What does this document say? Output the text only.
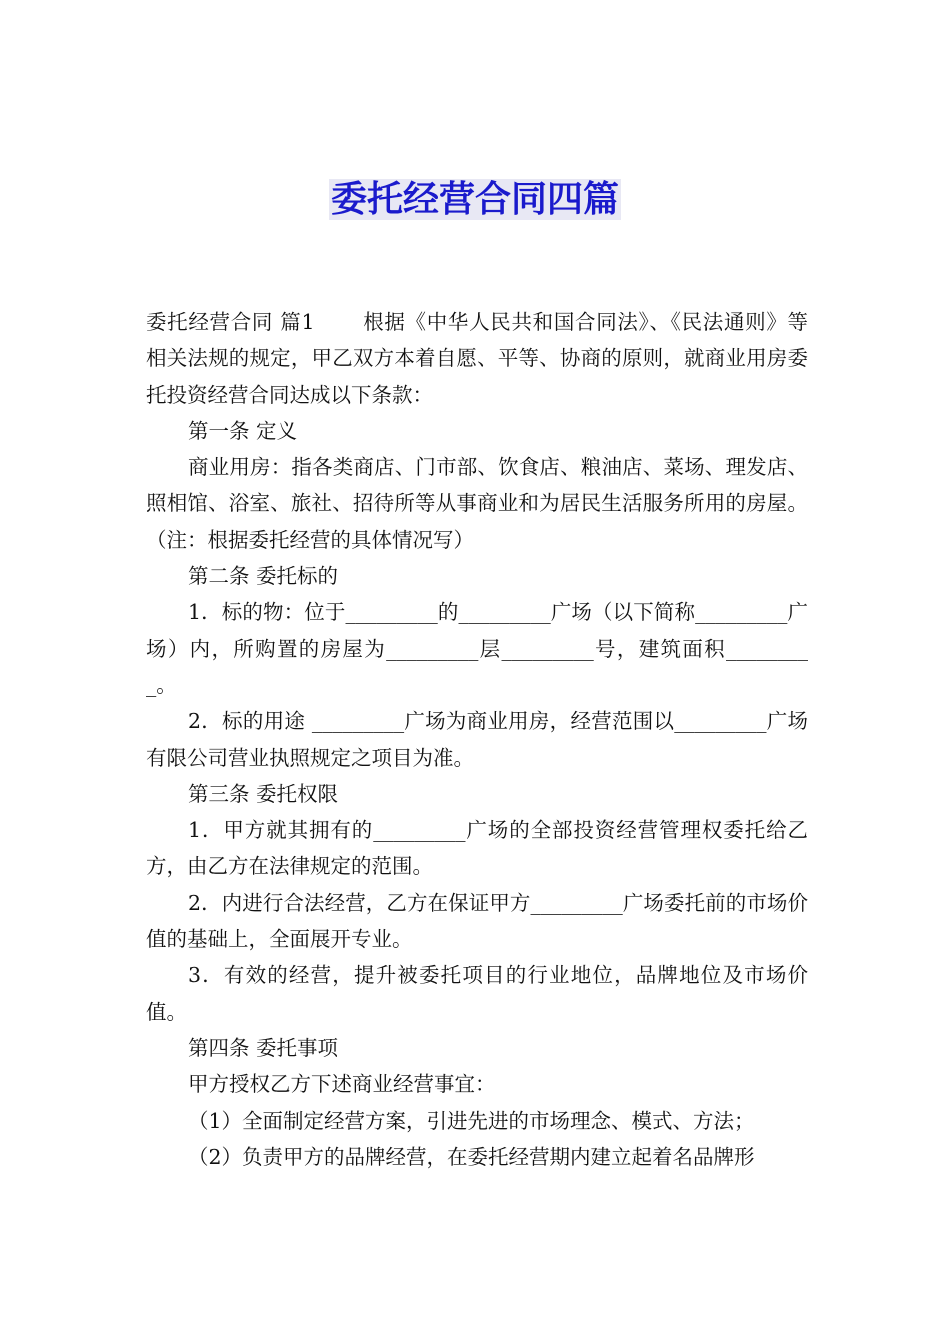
委托经营合同四篇

委托经营合同 篇1 根据《中华人民共和国合同法》、《民法通则》等相关法规的规定，甲乙双方本着自愿、平等、协商的原则，就商业用房委托投资经营合同达成以下条款：

第一条 定义

商业用房：指各类商店、门市部、饮食店、粮油店、菜场、理发店、照相馆、浴室、旅社、招待所等从事商业和为居民生活服务所用的房屋。（注：根据委托经营的具体情况写）

第二条 委托标的

1．标的物：位于_________的_________广场（以下简称_________广场）内，所购置的房屋为_________层_________号，建筑面积_________。

2．标的用途 _________广场为商业用房，经营范围以_________广场有限公司营业执照规定之项目为准。

第三条 委托权限

1．甲方就其拥有的_________广场的全部投资经营管理权委托给乙方，由乙方在法律规定的范围。

2．内进行合法经营，乙方在保证甲方_________广场委托前的市场价值的基础上，全面展开专业。

3．有效的经营，提升被委托项目的行业地位，品牌地位及市场价值。

第四条 委托事项

甲方授权乙方下述商业经营事宜：

（1）全面制定经营方案，引进先进的市场理念、模式、方法；

（2）负责甲方的品牌经营，在委托经营期内建立起着名品牌形
